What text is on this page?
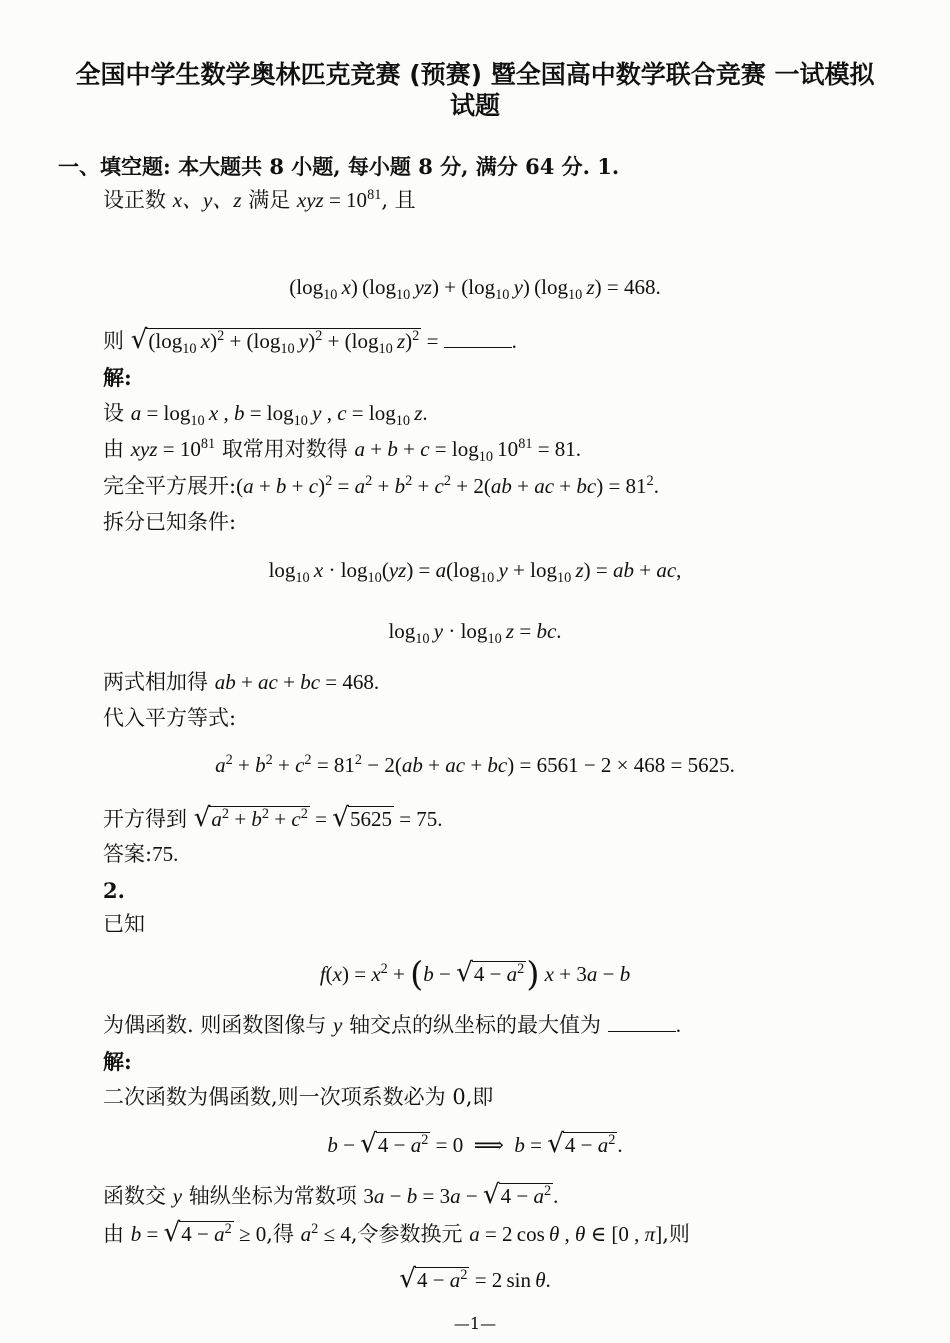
全国中学生数学奥林匹克竞赛 (预赛) 暨全国高中数学联合竞赛 一试模拟
试题
一、填空题: 本大题共 8 小题, 每小题 8 分, 满分 64 分. 1.
设正数 x、y、z 满足 xyz = $10^{81}$, 且
($\log_{10}$  x) ($\log_{10}$  $yz) + (\log_{10}$  y) ($\log_{10}$  z) = 468.
则 $√(\log_{10}$  $x)^2 + (\log_{10}$  $y)^2 + (\log_{10}$  z)$^2$ =	.
解:
设 $a = \log_{10} x$ , $b = \log_{10} y$ , $c = \log_{10} z$.
由 xyz = $10^{81}$ 取常用对数得 $a + b + c = \log_{10} 10^{81} = 81$.
完全平方展开:(a + $b + c)^2 = a^2 + b^2 + c^2 + 2(ab$ + ac + $bc) = 81^2$.
拆分已知条件:
$\log_{10} x \cdot \log_{10}(yz) = a(\log_{10}$  $y + \log_{10} z$) = ab + ac,
$\log_{10} y \cdot \log_{10} z$ = bc.
两式相加得 ab + ac + bc = 468.
代入平方等式:
$a^2 + b^2 + c^2 = 81^2 - 2(ab$ + ac + bc) = 6561 − 2 × 468 = 5625.
开方得到 $√a^2 + b^2 + c^2 = √5625 = 75$.
答案:75.
2.
已知
$f(x) = x^2 + (b - √4 - a^2) x + 3a - b$
为偶函数. 则函数图像与 y 轴交点的纵坐标的最大值为	.
解:
二次函数为偶函数,则一次项系数必为 0,即
$b - √4 - a^2 = 0$  ⟹  $b = √4 - a^2$.
函数交 y 轴纵坐标为常数项 $3a - b = 3a - √4 - a^2$.
由 $b = √4 - a^2 \ge 0$,得 $a^2 \le 4$,令参数换元 a = 2 cos θ , θ ∈ [0 , π],则
$√4 - a^2 = 2$ sin θ.
—1—
